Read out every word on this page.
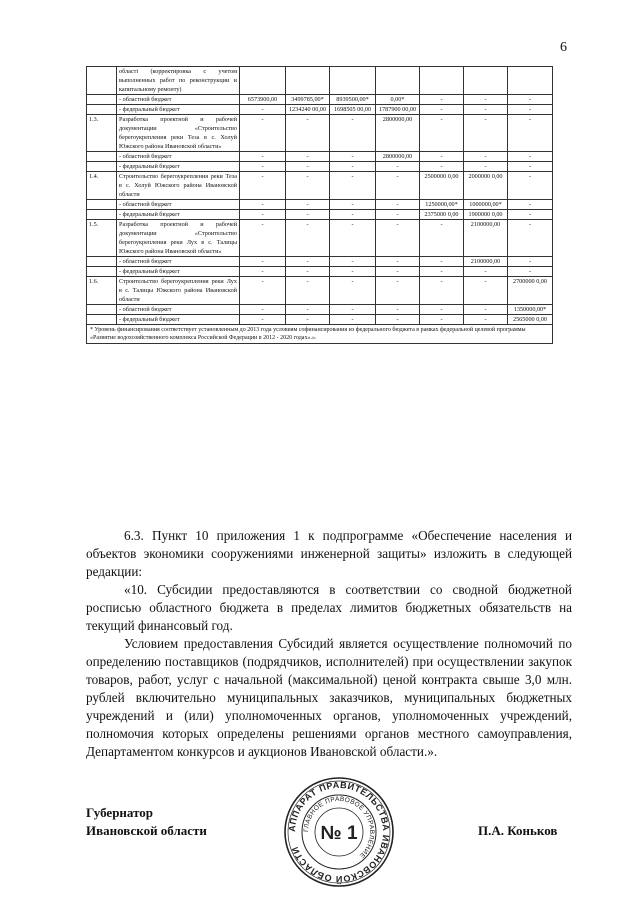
6
	області (корректировка с учетом выполненных работ по реконструкции и капитальному ремонту)							
	- областной бюджет	6573900,00	3499785,00*	8939500,00*	0,00*	-	-	-
	- федеральный бюджет	-	1234240 00,00	1698505 00,00	1787900 00,00	-	-	-
1.3.	Разработка проектной и рабочей документации «Строительство берегоукрепления реки Теза в с. Холуй Южского района Ивановской области»	-	-	-	2800000,00	-	-	-
	- областной бюджет	-	-	-	2800000,00	-	-	-
	- федеральный бюджет	-	-	-	-	-	-	-
1.4.	Строительство берегоукрепления реки Теза в с. Холуй Южского района Ивановской области	-	-	-	-	2500000 0,00	2000000 0,00	-
	- областной бюджет	-	-	-	-	1250000,00*	1000000,00*	-
	- федеральный бюджет	-	-	-	-	2375000 0,00	1900000 0,00	-
1.5.	Разработка проектной и рабочей документации «Строительство берегоукрепления реки Лух в с. Талицы Южского района Ивановской области»	-	-	-	-	-	2100000,00	-
	- областной бюджет	-	-	-	-	-	2100000,00	-
	- федеральный бюджет	-	-	-	-	-	-	-
1.6.	Строительство берегоукрепления реки Лух в с. Талицы Южского района Ивановской области	-	-	-	-	-	-	2700000 0,00
	- областной бюджет	-	-	-	-	-	-	1350000,00*
	- федеральный бюджет	-	-	-	-	-	-	2565000 0,00
* Уровень финансирования соответствует установленным до 2013 года условиям софинансирования из федерального бюджета в рамках федеральной целевой программы «Развитие водохозяйственного комплекса Российской Федерации в 2012 - 2020 годах».».								

6.3. Пункт 10 приложения 1 к подпрограмме «Обеспечение населения и объектов экономики сооружениями инженерной защиты» изложить в следующей редакции:

«10. Субсидии предоставляются в соответствии со сводной бюджетной росписью областного бюджета в пределах лимитов бюджетных обязательств на текущий финансовый год.

Условием предоставления Субсидий является осуществление полномочий по определению поставщиков (подрядчиков, исполнителей) при осуществлении закупок товаров, работ, услуг с начальной (максимальной) ценой контракта свыше 3,0 млн. рублей включительно муниципальных заказчиков, муниципальных бюджетных учреждений и (или) уполномоченных органов, уполномоченных учреждений, полномочия которых определены решениями органов местного самоуправления, Департаментом конкурсов и аукционов Ивановской области.».

Губернатор
Ивановской области	П.А. Коньков
АППАРАТ ПРАВИТЕЛЬСТВА ИВАНОВСКОЙ ОБЛАСТИ
ГЛАВНОЕ ПРАВОВОЕ УПРАВЛЕНИЕ
№ 1
